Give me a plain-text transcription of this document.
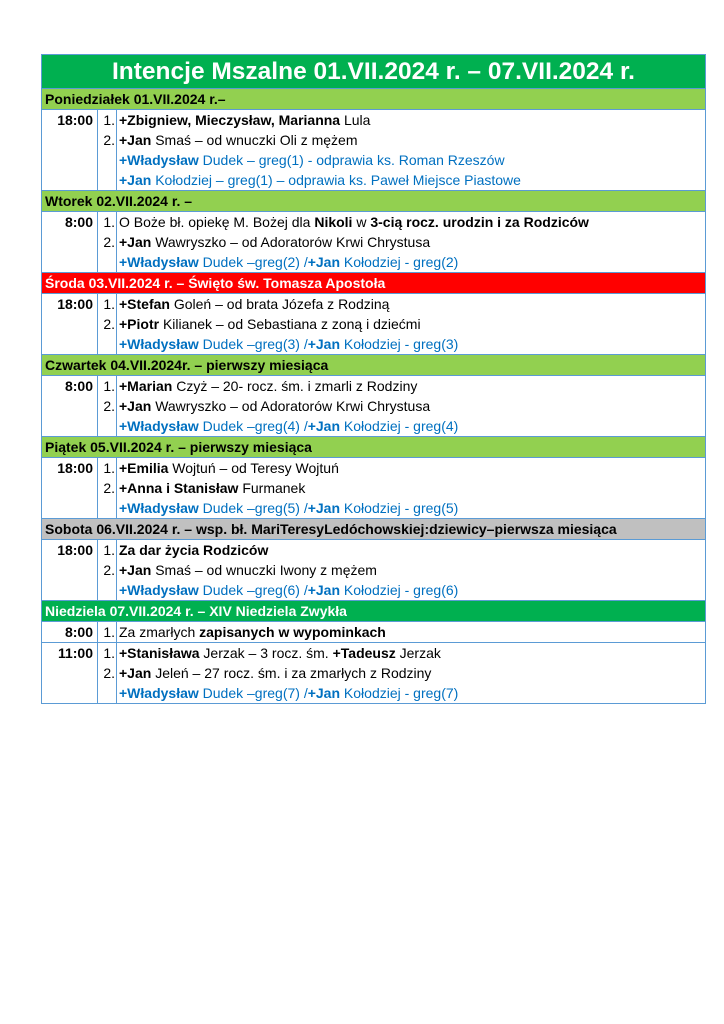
Intencje Mszalne 01.VII.2024 r. – 07.VII.2024 r.
Poniedziałek 01.VII.2024 r.–
18:00 1.
2.
+Zbigniew, Mieczysław, Marianna Lula
+Jan Smaś – od wnuczki Oli z mężem
+Władysław Dudek – greg(1) - odprawia ks. Roman Rzeszów
+Jan Kołodziej – greg(1) – odprawia ks. Paweł Miejsce Piastowe
Wtorek 02.VII.2024 r. –
8:00 1.
2.
O Boże bł. opiekę M. Bożej dla Nikoli w 3-cią rocz. urodzin i za Rodziców
+Jan Wawryszko – od Adoratorów Krwi Chrystusa
+Władysław Dudek –greg(2) /+Jan Kołodziej - greg(2)
Środa 03.VII.2024 r. – Święto św. Tomasza Apostoła
18:00 1.
2.
+Stefan Goleń – od brata Józefa z Rodziną
+Piotr Kilianek – od Sebastiana z zoną i dziećmi
+Władysław Dudek –greg(3) /+Jan Kołodziej - greg(3)
Czwartek 04.VII.2024r. – pierwszy miesiąca
8:00 1.
2.
+Marian Czyż – 20- rocz. śm. i zmarli z Rodziny
+Jan Wawryszko – od Adoratorów Krwi Chrystusa
+Władysław Dudek –greg(4) /+Jan Kołodziej - greg(4)
Piątek 05.VII.2024 r. – pierwszy miesiąca
18:00 1.
2.
+Emilia Wojtuń – od Teresy Wojtuń
+Anna i Stanisław Furmanek
+Władysław Dudek –greg(5) /+Jan Kołodziej - greg(5)
Sobota 06.VII.2024 r. – wsp. bł. MariTeresyLedóchowskiej:dziewicy–pierwsza miesiąca
18:00 1.
2.
Za dar życia Rodziców
+Jan Smaś – od wnuczki Iwony z mężem
+Władysław Dudek –greg(6) /+Jan Kołodziej - greg(6)
Niedziela 07.VII.2024 r. – XIV Niedziela Zwykła
8:00 1. Za zmarłych zapisanych w wypominkach
11:00 1.
2.
+Stanisława Jerzak – 3 rocz. śm. +Tadeusz Jerzak
+Jan Jeleń – 27 rocz. śm. i za zmarłych z Rodziny
+Władysław Dudek –greg(7) /+Jan Kołodziej - greg(7)
